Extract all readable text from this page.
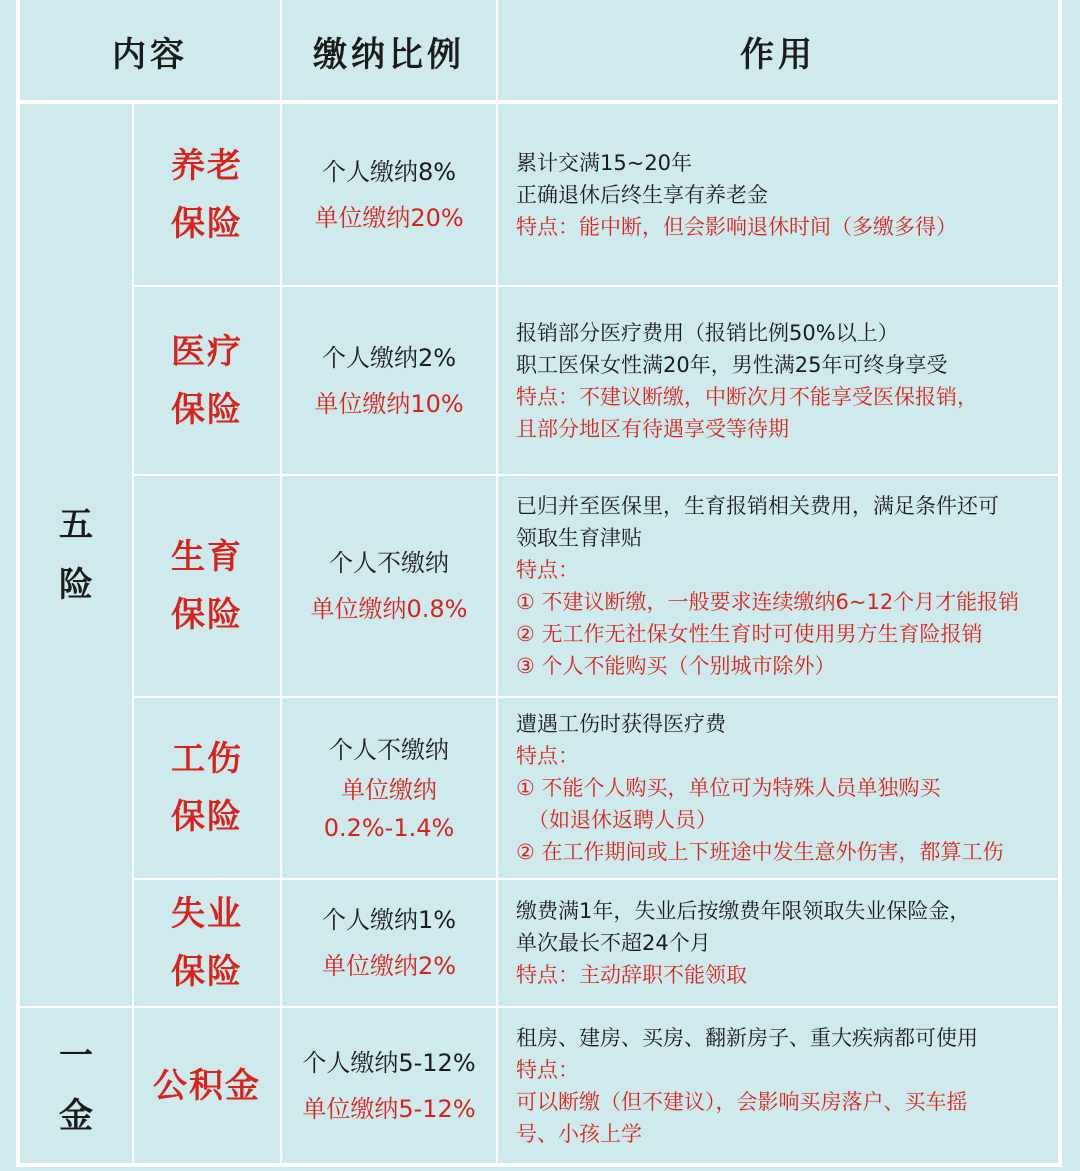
内容	缴纳比例	作用
五
险
一
金
养老
保险
个人缴纳8%
单位缴纳20%
累计交满15~20年
正确退休后终生享有养老金
特点：能中断，但会影响退休时间（多缴多得）
医疗
保险
个人缴纳2%
单位缴纳10%
报销部分医疗费用（报销比例50%以上）
职工医保女性满20年，男性满25年可终身享受
特点：不建议断缴，中断次月不能享受医保报销，
且部分地区有待遇享受等待期
生育
保险
个人不缴纳
单位缴纳0.8%
已归并至医保里，生育报销相关费用，满足条件还可
领取生育津贴
特点：
① 不建议断缴，一般要求连续缴纳6~12个月才能报销
② 无工作无社保女性生育时可使用男方生育险报销
③ 个人不能购买（个别城市除外）
工伤
保险
个人不缴纳
单位缴纳
0.2%-1.4%
遭遇工伤时获得医疗费
特点：
① 不能个人购买，单位可为特殊人员单独购买
（如退休返聘人员）
② 在工作期间或上下班途中发生意外伤害，都算工伤
失业
保险
个人缴纳1%
单位缴纳2%
缴费满1年，失业后按缴费年限领取失业保险金，
单次最长不超24个月
特点：主动辞职不能领取
公积金
个人缴纳5-12%
单位缴纳5-12%
租房、建房、买房、翻新房子、重大疾病都可使用
特点：
可以断缴（但不建议），会影响买房落户、买车摇
号、小孩上学
